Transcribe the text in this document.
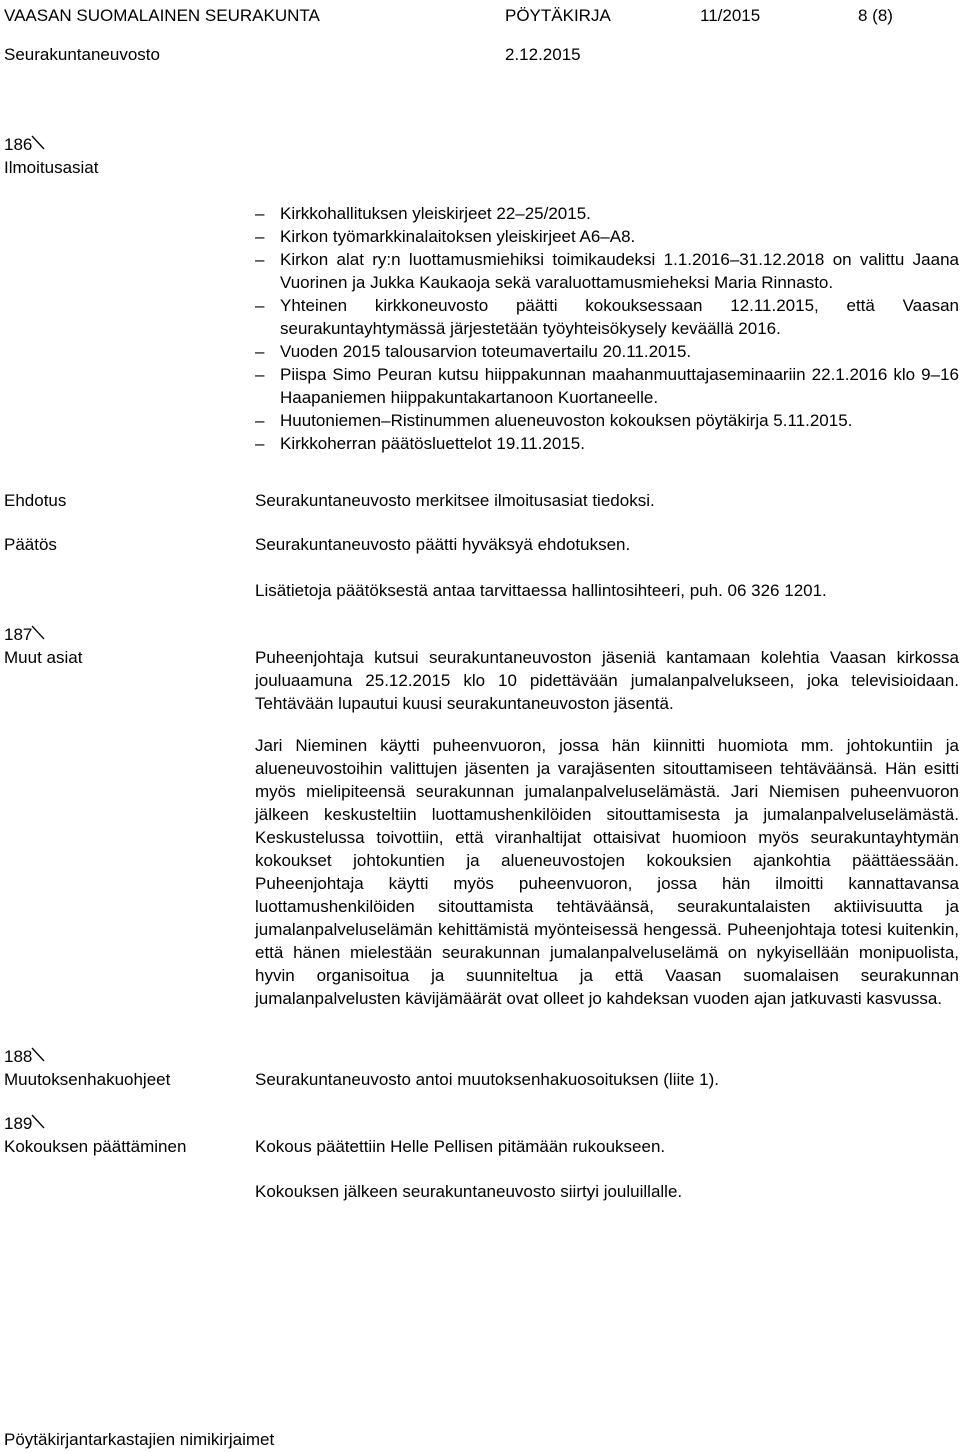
VAASAN SUOMALAINEN SEURAKUNTA	PÖYTÄKIRJA	11/2015	8 (8)
Seurakuntaneuvosto	2.12.2015
186
Ilmoitusasiat
– Kirkkohallituksen yleiskirjeet 22–25/2015.
– Kirkon työmarkkinalaitoksen yleiskirjeet A6–A8.
– Kirkon alat ry:n luottamusmiehiksi toimikaudeksi 1.1.2016–31.12.2018 on valittu Jaana Vuorinen ja Jukka Kaukaoja sekä varaluottamusmieheksi Maria Rinnasto.
– Yhteinen kirkkoneuvosto päätti kokouksessaan 12.11.2015, että Vaasan seurakuntayhtymässä järjestetään työyhteisökysely keväällä 2016.
– Vuoden 2015 talousarvion toteumavertailu 20.11.2015.
– Piispa Simo Peuran kutsu hiippakunnan maahanmuuttajaseminaariin 22.1.2016 klo 9–16 Haapaniemen hiippakuntakartanoon Kuortaneelle.
– Huutoniemen–Ristinummen alueneuvoston kokouksen pöytäkirja 5.11.2015.
– Kirkkoherran päätösluettelot 19.11.2015.
Ehdotus	Seurakuntaneuvosto merkitsee ilmoitusasiat tiedoksi.
Päätös	Seurakuntaneuvosto päätti hyväksyä ehdotuksen.
Lisätietoja päätöksestä antaa tarvittaessa hallintosihteeri, puh. 06 326 1201.
187
Muut asiat	Puheenjohtaja kutsui seurakuntaneuvoston jäseniä kantamaan kolehtia Vaasan kirkossa jouluaamuna 25.12.2015 klo 10 pidettävään jumalanpalvelukseen, joka televisioidaan. Tehtävään lupautui kuusi seurakuntaneuvoston jäsentä.
Jari Nieminen käytti puheenvuoron, jossa hän kiinnitti huomiota mm. johtokuntiin ja alueneuvostoihin valittujen jäsenten ja varajäsenten sitouttamiseen tehtäväänsä. Hän esitti myös mielipiteensä seurakunnan jumalanpalveluselämästä. Jari Niemisen puheenvuoron jälkeen keskusteltiin luottamushenkilöiden sitouttamisesta ja jumalanpalveluselämästä. Keskustelussa toivottiin, että viranhaltijat ottaisivat huomioon myös seurakuntayhtymän kokoukset johtokuntien ja alueneuvostojen kokouksien ajankohtia päättäessään. Puheenjohtaja käytti myös puheenvuoron, jossa hän ilmoitti kannattavansa luottamushenkilöiden sitouttamista tehtäväänsä, seurakuntalaisten aktiivisuutta ja jumalanpalveluselämän kehittämistä myönteisessä hengessä. Puheenjohtaja totesi kuitenkin, että hänen mielestään seurakunnan jumalanpalveluselämä on nykyisellään monipuolista, hyvin organisoitua ja suunniteltua ja että Vaasan suomalaisen seurakunnan jumalanpalvelusten kävijämäärät ovat olleet jo kahdeksan vuoden ajan jatkuvasti kasvussa.
188
Muutoksenhakuohjeet	Seurakuntaneuvosto antoi muutoksenhakuosoituksen (liite 1).
189
Kokouksen päättäminen	Kokous päätettiin Helle Pellisen pitämään rukoukseen.
Kokouksen jälkeen seurakuntaneuvosto siirtyi jouluillalle.
Pöytäkirjantarkastajien nimikirjaimet
